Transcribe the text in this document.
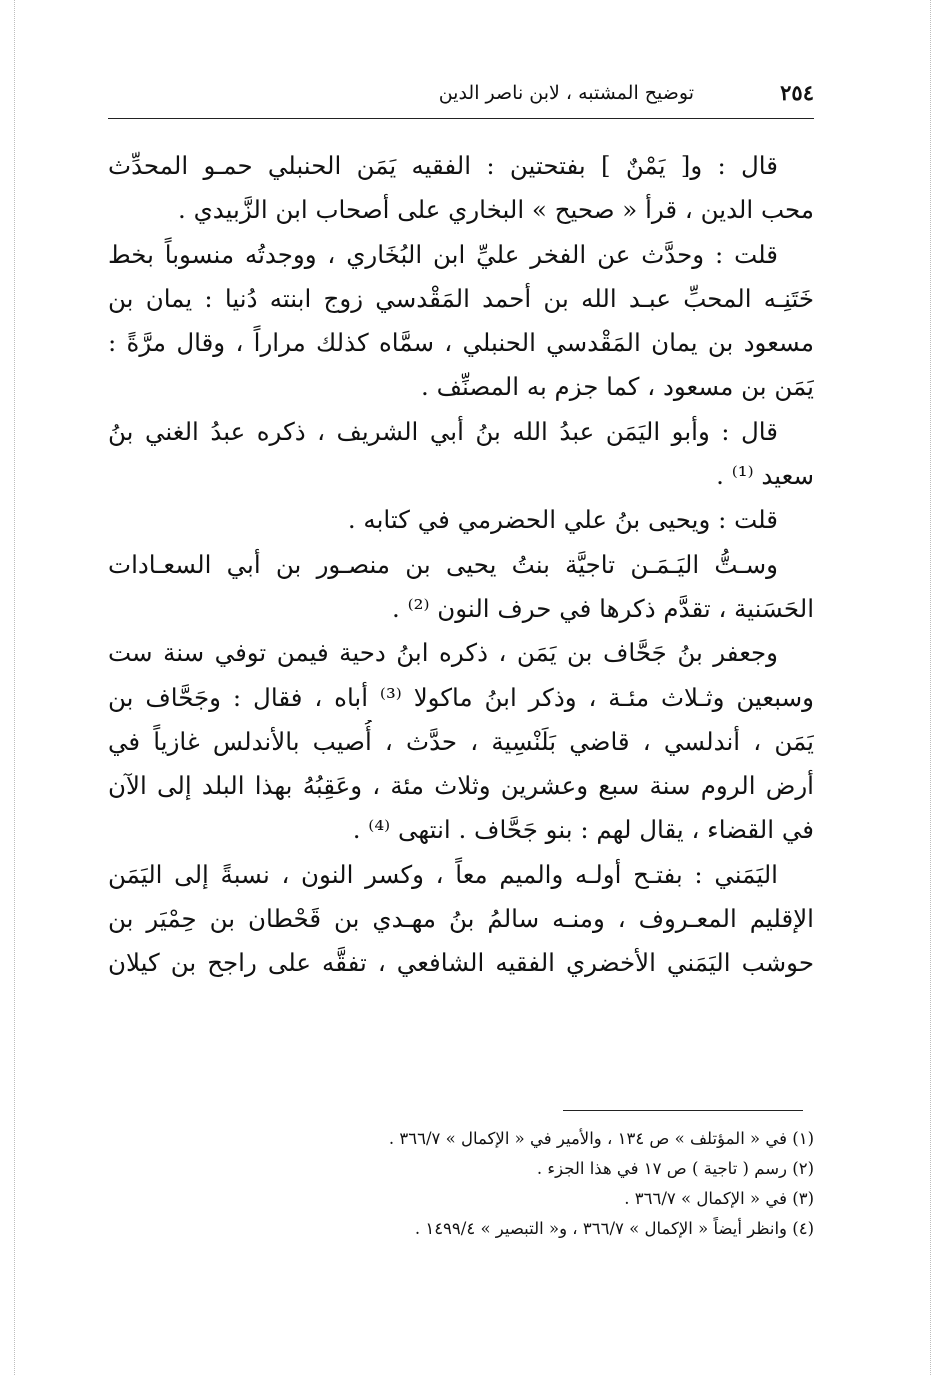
٢٥٤
توضيح المشتبه ، لابن ناصر الدين
قال : و[ يَمْنٌ ] بفتحتين : الفقيه يَمَن الحنبلي حمـو المحدِّث
محب الدين ، قرأ « صحيح » البخاري على أصحاب ابن الزَّبيدي .
قلت : وحدَّث عن الفخر عليِّ ابن البُخَاري ، ووجدتُه منسوباً بخط
خَتَنِـه المحبِّ عبـد الله بن أحمد المَقْدسي زوج ابنته دُنيا : يمان بن
مسعود بن يمان المَقْدسي الحنبلي ، سمَّاه كذلك مراراً ، وقال مرَّةً :
يَمَن بن مسعود ، كما جزم به المصنِّف .
قال : وأبو اليَمَن عبدُ الله بنُ أبي الشريف ، ذكره عبدُ الغني بنُ
سعيد ⁽¹⁾ .
قلت : ويحيى بنُ علي الحضرمي في كتابه .
وسـتُّ اليَـمَـن تاجيَّة بنتُ يحيى بن منصـور بن أبي السعـادات
الحَسَنية ، تقدَّم ذكرها في حرف النون ⁽²⁾ .
وجعفر بنُ جَحَّاف بن يَمَن ، ذكره ابنُ دحية فيمن توفي سنة ست
وسبعين وثـلاث مئـة ، وذكر ابنُ ماكولا ⁽³⁾ أباه ، فقال : وجَحَّاف بن
يَمَن ، أندلسي ، قاضي بَلَنْسِية ، حدَّث ، أُصيب بالأندلس غازياً في
أرض الروم سنة سبع وعشرين وثلاث مئة ، وعَقِبُهُ بهذا البلد إلى الآن
في القضاء ، يقال لهم : بنو جَحَّاف . انتهى ⁽⁴⁾ .
اليَمَني : بفتـح أولـه والميم معاً ، وكسر النون ، نسبةً إلى اليَمَن
الإقليم المعـروف ، ومنـه سالمُ بنُ مهـدي بن قَحْطان بن حِمْيَر بن
حوشب اليَمَني الأخضري الفقيه الشافعي ، تفقَّه على راجح بن كيلان
(١) في « المؤتلف » ص ١٣٤ ، والأمير في « الإكمال » ٣٦٦/٧ .
(٢) رسم ( تاجية ) ص ١٧ في هذا الجزء .
(٣) في « الإكمال » ٣٦٦/٧ .
(٤) وانظر أيضاً « الإكمال » ٣٦٦/٧ ، و« التبصير » ١٤٩٩/٤ .
